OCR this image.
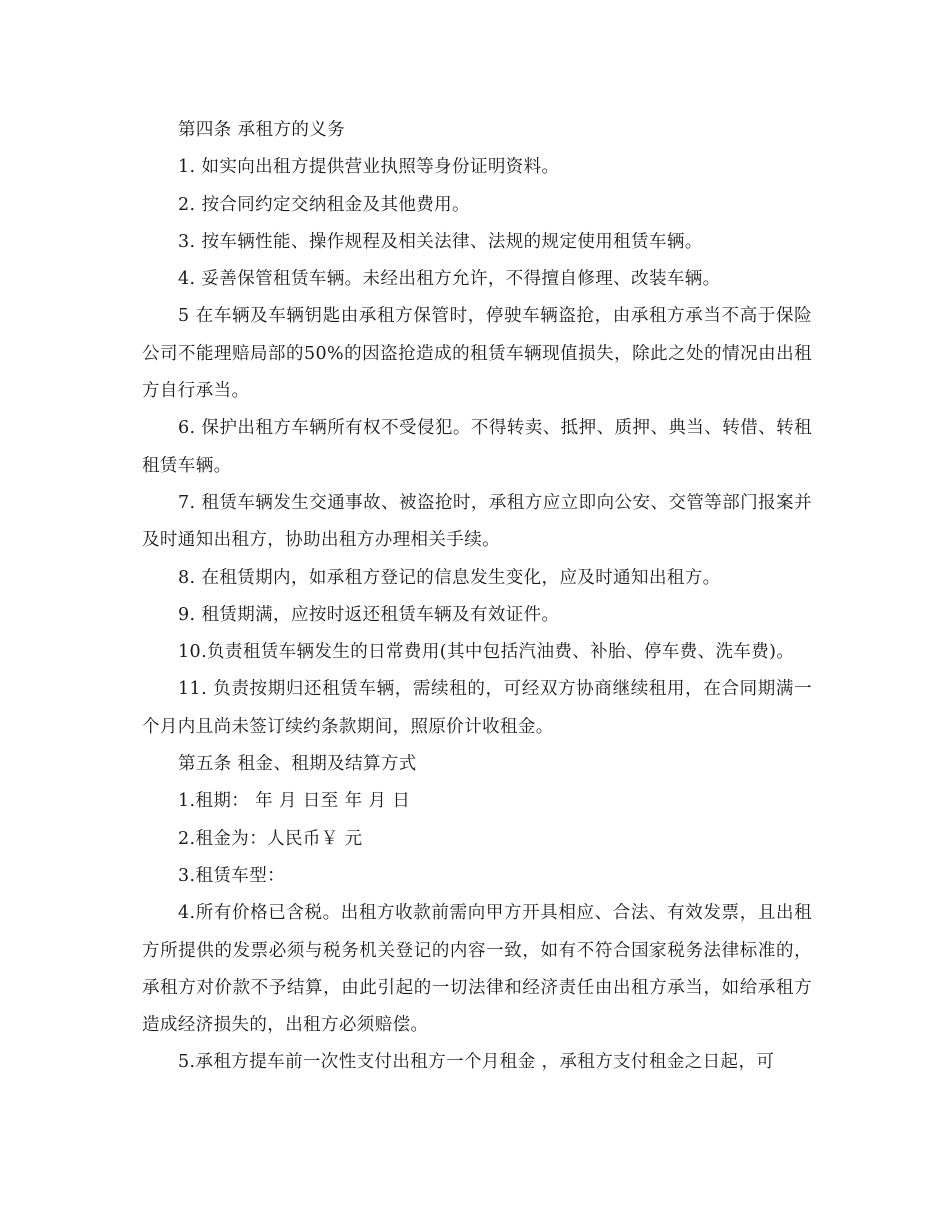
第四条 承租方的义务

1. 如实向出租方提供营业执照等身份证明资料。

2. 按合同约定交纳租金及其他费用。

3. 按车辆性能、操作规程及相关法律、法规的规定使用租赁车辆。

4. 妥善保管租赁车辆。未经出租方允许，不得擅自修理、改装车辆。

5 在车辆及车辆钥匙由承租方保管时，停驶车辆盗抢，由承租方承当不高于保险公司不能理赔局部的50%的因盗抢造成的租赁车辆现值损失，除此之处的情况由出租方自行承当。

6. 保护出租方车辆所有权不受侵犯。不得转卖、抵押、质押、典当、转借、转租租赁车辆。

7. 租赁车辆发生交通事故、被盗抢时，承租方应立即向公安、交管等部门报案并及时通知出租方，协助出租方办理相关手续。

8. 在租赁期内，如承租方登记的信息发生变化，应及时通知出租方。

9. 租赁期满，应按时返还租赁车辆及有效证件。

10.负责租赁车辆发生的日常费用(其中包括汽油费、补胎、停车费、洗车费)。

11. 负责按期归还租赁车辆，需续租的，可经双方协商继续租用，在合同期满一个月内且尚未签订续约条款期间，照原价计收租金。

第五条 租金、租期及结算方式

1.租期： 年 月 日至 年 月 日

2.租金为：人民币￥ 元

3.租赁车型：

4.所有价格已含税。出租方收款前需向甲方开具相应、合法、有效发票，且出租方所提供的发票必须与税务机关登记的内容一致，如有不符合国家税务法律标准的，承租方对价款不予结算，由此引起的一切法律和经济责任由出租方承当，如给承租方造成经济损失的，出租方必须赔偿。

5.承租方提车前一次性支付出租方一个月租金 ，承租方支付租金之日起，可
